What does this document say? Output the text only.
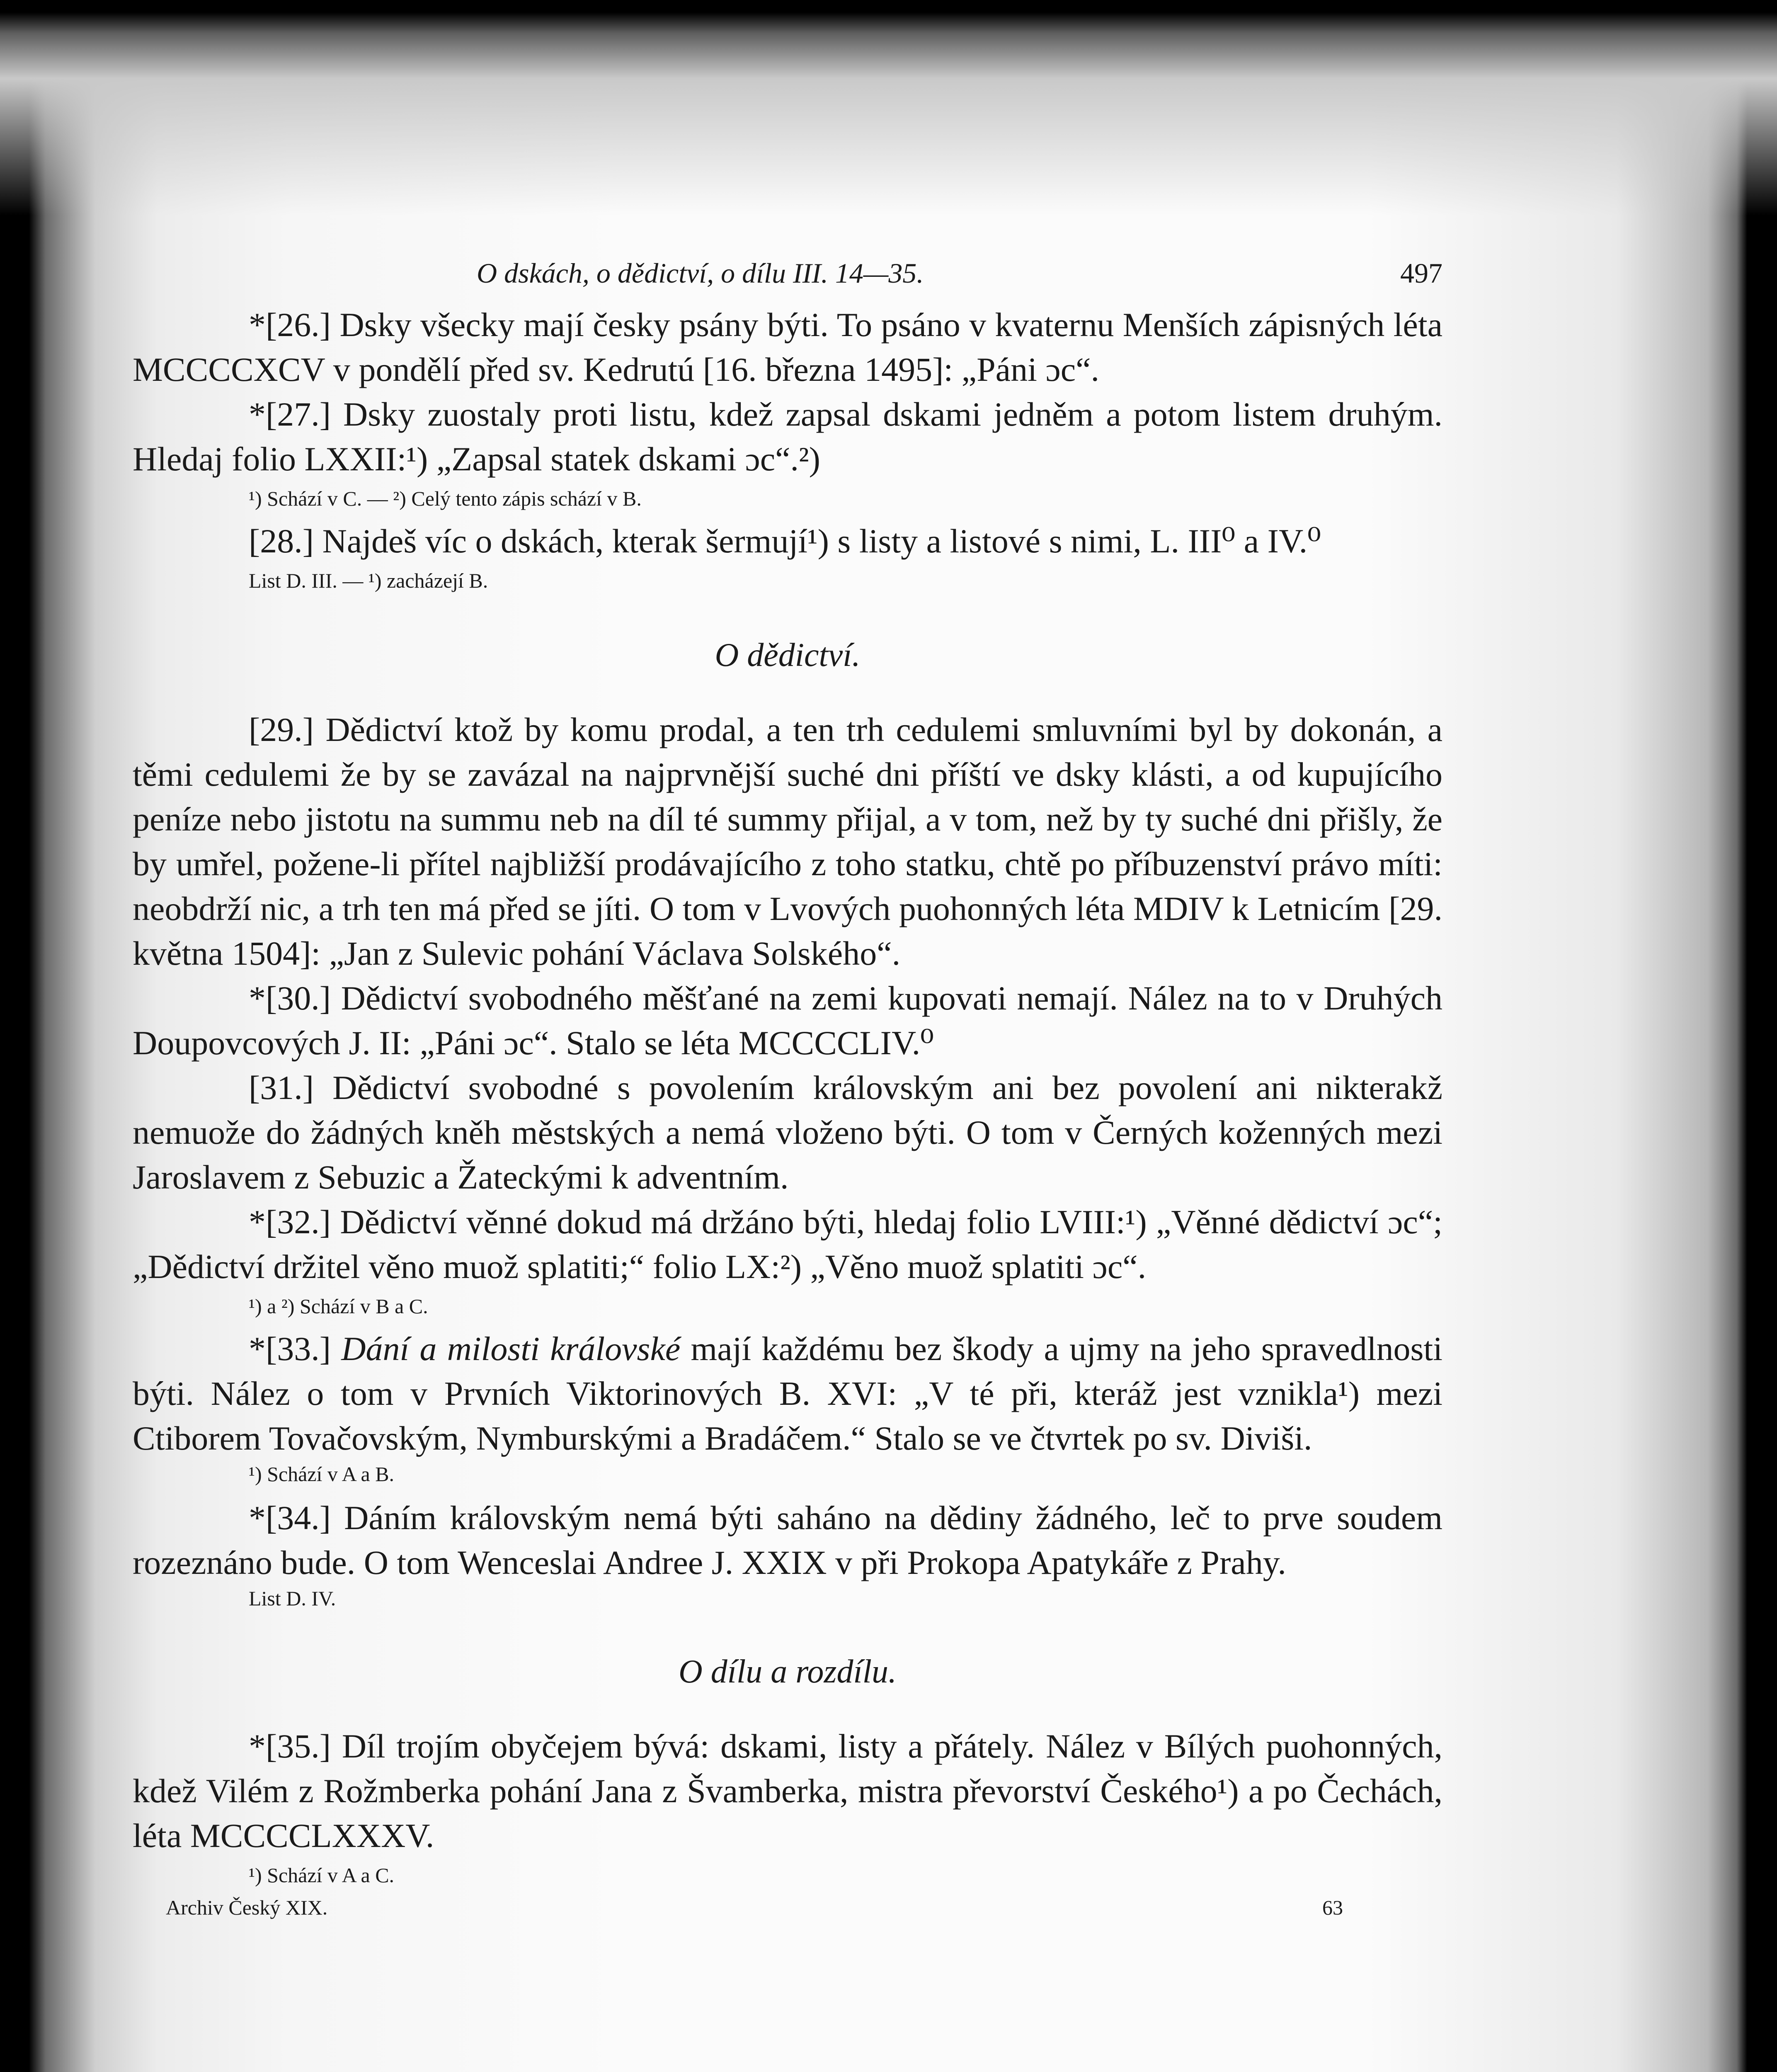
O dskách, o dědictví, o dílu III. 14—35.	497

*[26.] Dsky všecky mají česky psány býti. To psáno v kvaternu Menších zápisných léta MCCCCXCV v pondělí před sv. Kedrutú [16. března 1495]: „Páni ɔc“.

*[27.] Dsky zuostaly proti listu, kdež zapsal dskami jedněm a potom listem druhým. Hledaj folio LXXII:¹) „Zapsal statek dskami ɔc“.²)

¹) Schází v C. — ²) Celý tento zápis schází v B.

[28.] Najdeš víc o dskách, kterak šermují¹) s listy a listové s nimi, L. III⁰ a IV.⁰

List D. III. — ¹) zacházejí B.
O dědictví.

[29.] Dědictví ktož by komu prodal, a ten trh cedulemi smluvními byl by dokonán, a těmi cedulemi že by se zavázal na najprvnější suché dni příští ve dsky klásti, a od kupujícího peníze nebo jistotu na summu neb na díl té summy přijal, a v tom, než by ty suché dni přišly, že by umřel, požene-li přítel najbližší prodávajícího z toho statku, chtě po příbuzenství právo míti: neobdrží nic, a trh ten má před se jíti. O tom v Lvových puohonných léta MDIV k Letnicím [29. května 1504]: „Jan z Sulevic pohání Václava Solského“.

*[30.] Dědictví svobodného měšťané na zemi kupovati nemají. Nález na to v Druhých Doupovcových J. II: „Páni ɔc“. Stalo se léta MCCCCLIV.⁰

[31.] Dědictví svobodné s povolením královským ani bez povolení ani nikterakž nemuože do žádných kněh městských a nemá vloženo býti. O tom v Černých koženných mezi Jaroslavem z Sebuzic a Žateckými k adventním.

*[32.] Dědictví věnné dokud má držáno býti, hledaj folio LVIII:¹) „Věnné dědictví ɔc“; „Dědictví držitel věno muož splatiti;“ folio LX:²) „Věno muož splatiti ɔc“.

¹) a ²) Schází v B a C.

*[33.] Dání a milosti královské mají každému bez škody a ujmy na jeho spravedlnosti býti. Nález o tom v Prvních Viktorinových B. XVI: „V té při, kteráž jest vznikla¹) mezi Ctiborem Tovačovským, Nymburskými a Bradáčem.“ Stalo se ve čtvrtek po sv. Diviši.

¹) Schází v A a B.

*[34.] Dáním královským nemá býti saháno na dědiny žádného, leč to prve soudem rozeznáno bude. O tom Wenceslai Andree J. XXIX v při Prokopa Apatykáře z Prahy.

List D. IV.
O dílu a rozdílu.

*[35.] Díl trojím obyčejem bývá: dskami, listy a přátely. Nález v Bílých puohonných, kdež Vilém z Rožmberka pohání Jana z Švamberka, mistra převorství Českého¹) a po Čechách, léta MCCCCLXXXV.

¹) Schází v A a C.
Archiv Český XIX.	63
